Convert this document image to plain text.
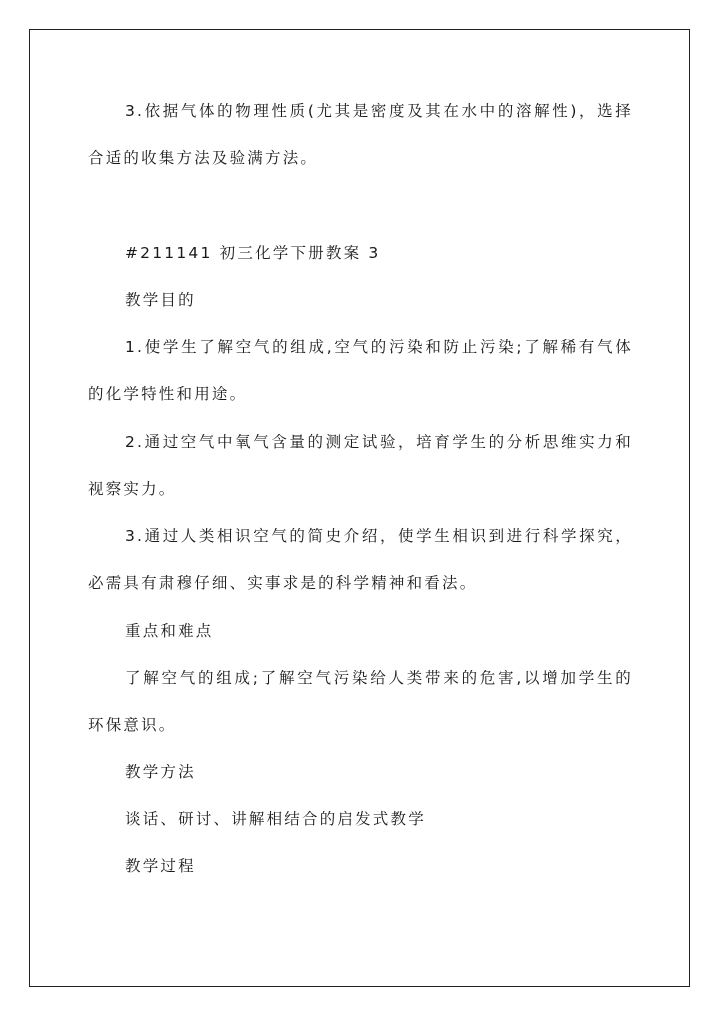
3.依据气体的物理性质(尤其是密度及其在水中的溶解性)，选择
合适的收集方法及验满方法。
#211141 初三化学下册教案 3
教学目的
1.使学生了解空气的组成,空气的污染和防止污染;了解稀有气体
的化学特性和用途。
2.通过空气中氧气含量的测定试验，培育学生的分析思维实力和
视察实力。
3.通过人类相识空气的简史介绍，使学生相识到进行科学探究，
必需具有肃穆仔细、实事求是的科学精神和看法。
重点和难点
了解空气的组成;了解空气污染给人类带来的危害,以增加学生的
环保意识。
教学方法
谈话、研讨、讲解相结合的启发式教学
教学过程
